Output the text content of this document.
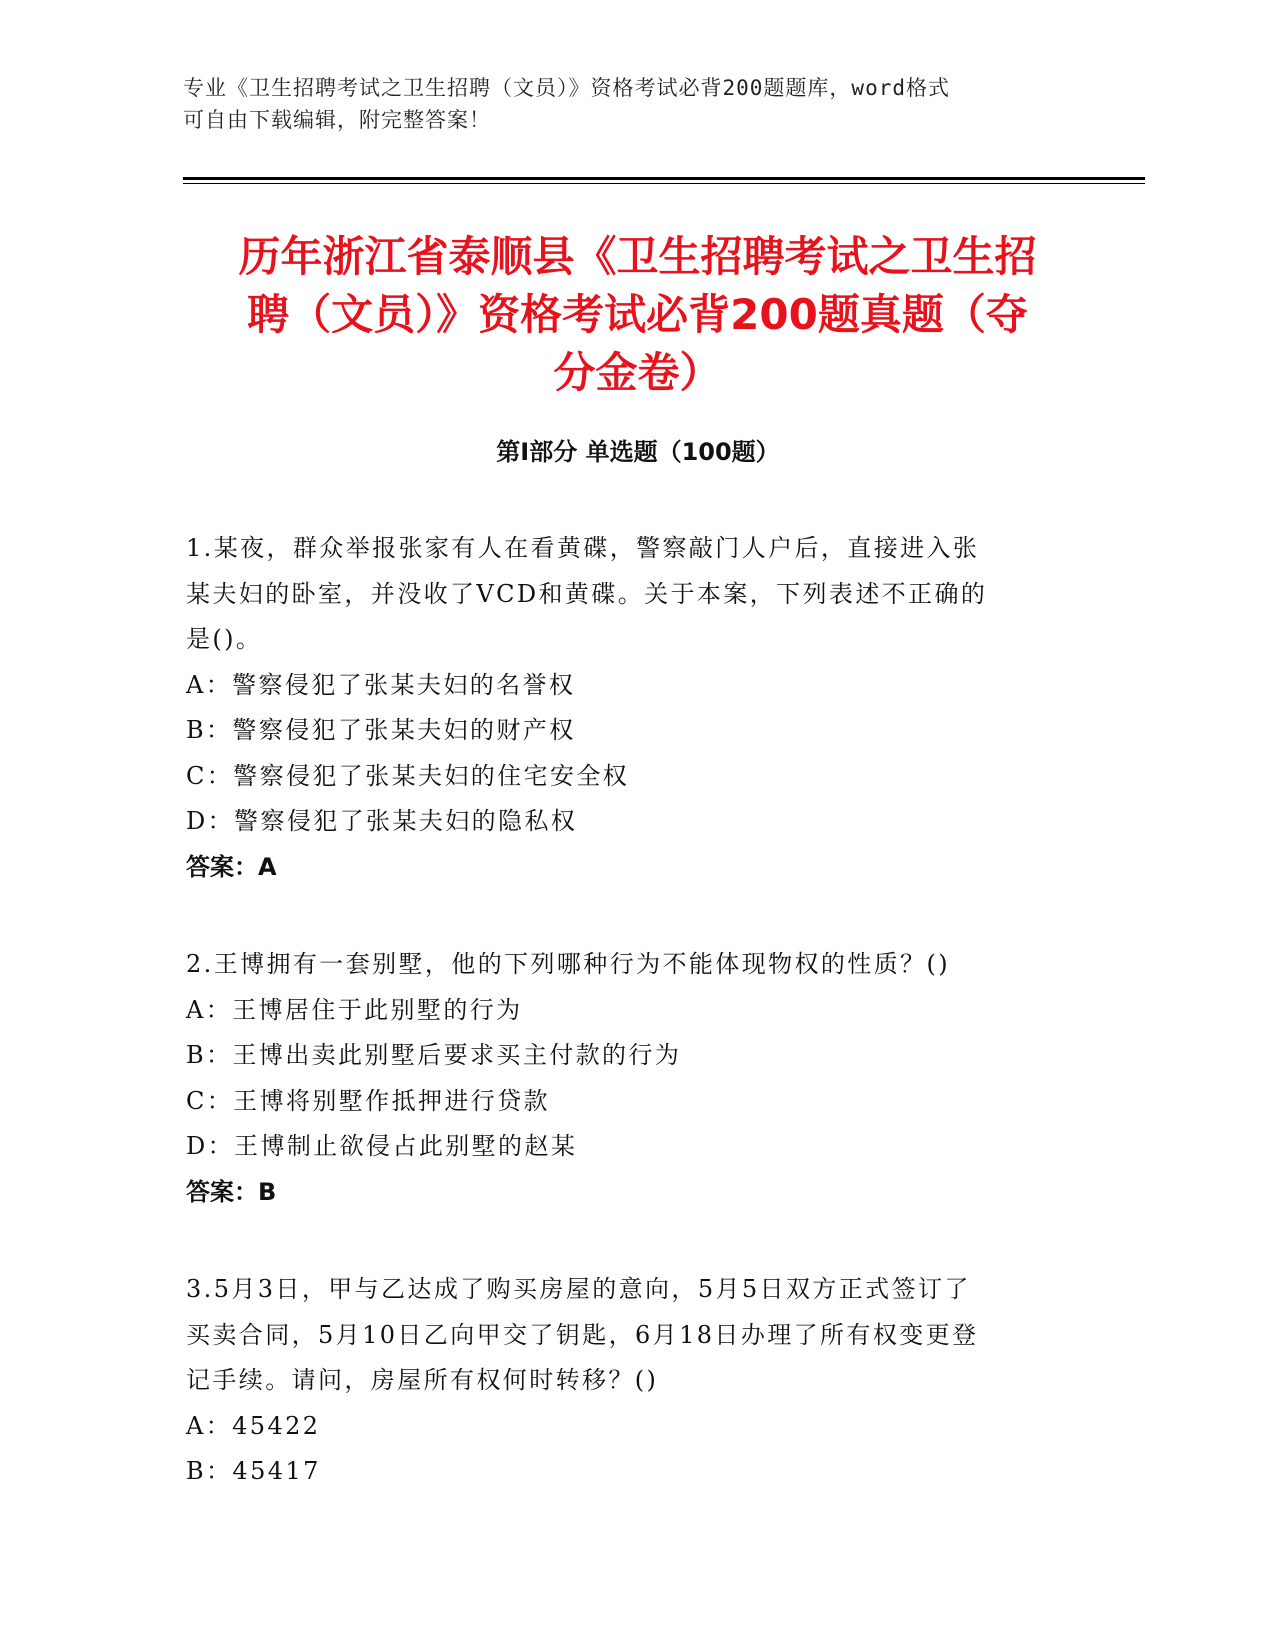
专业《卫生招聘考试之卫生招聘（文员）》资格考试必背200题题库，word格式
可自由下载编辑，附完整答案！
历年浙江省泰顺县《卫生招聘考试之卫生招
聘（文员）》资格考试必背200题真题（夺
分金卷）
第I部分 单选题（100题）
1.某夜，群众举报张家有人在看黄碟，警察敲门人户后，直接进入张
某夫妇的卧室，并没收了VCD和黄碟。关于本案，下列表述不正确的
是()。
A：警察侵犯了张某夫妇的名誉权
B：警察侵犯了张某夫妇的财产权
C：警察侵犯了张某夫妇的住宅安全权
D：警察侵犯了张某夫妇的隐私权
答案：A
2.王博拥有一套别墅，他的下列哪种行为不能体现物权的性质？()
A：王博居住于此别墅的行为
B：王博出卖此别墅后要求买主付款的行为
C：王博将别墅作抵押进行贷款
D：王博制止欲侵占此别墅的赵某
答案：B
3.5月3日，甲与乙达成了购买房屋的意向，5月5日双方正式签订了
买卖合同，5月10日乙向甲交了钥匙，6月18日办理了所有权变更登
记手续。请问，房屋所有权何时转移？()
A：45422
B：45417
